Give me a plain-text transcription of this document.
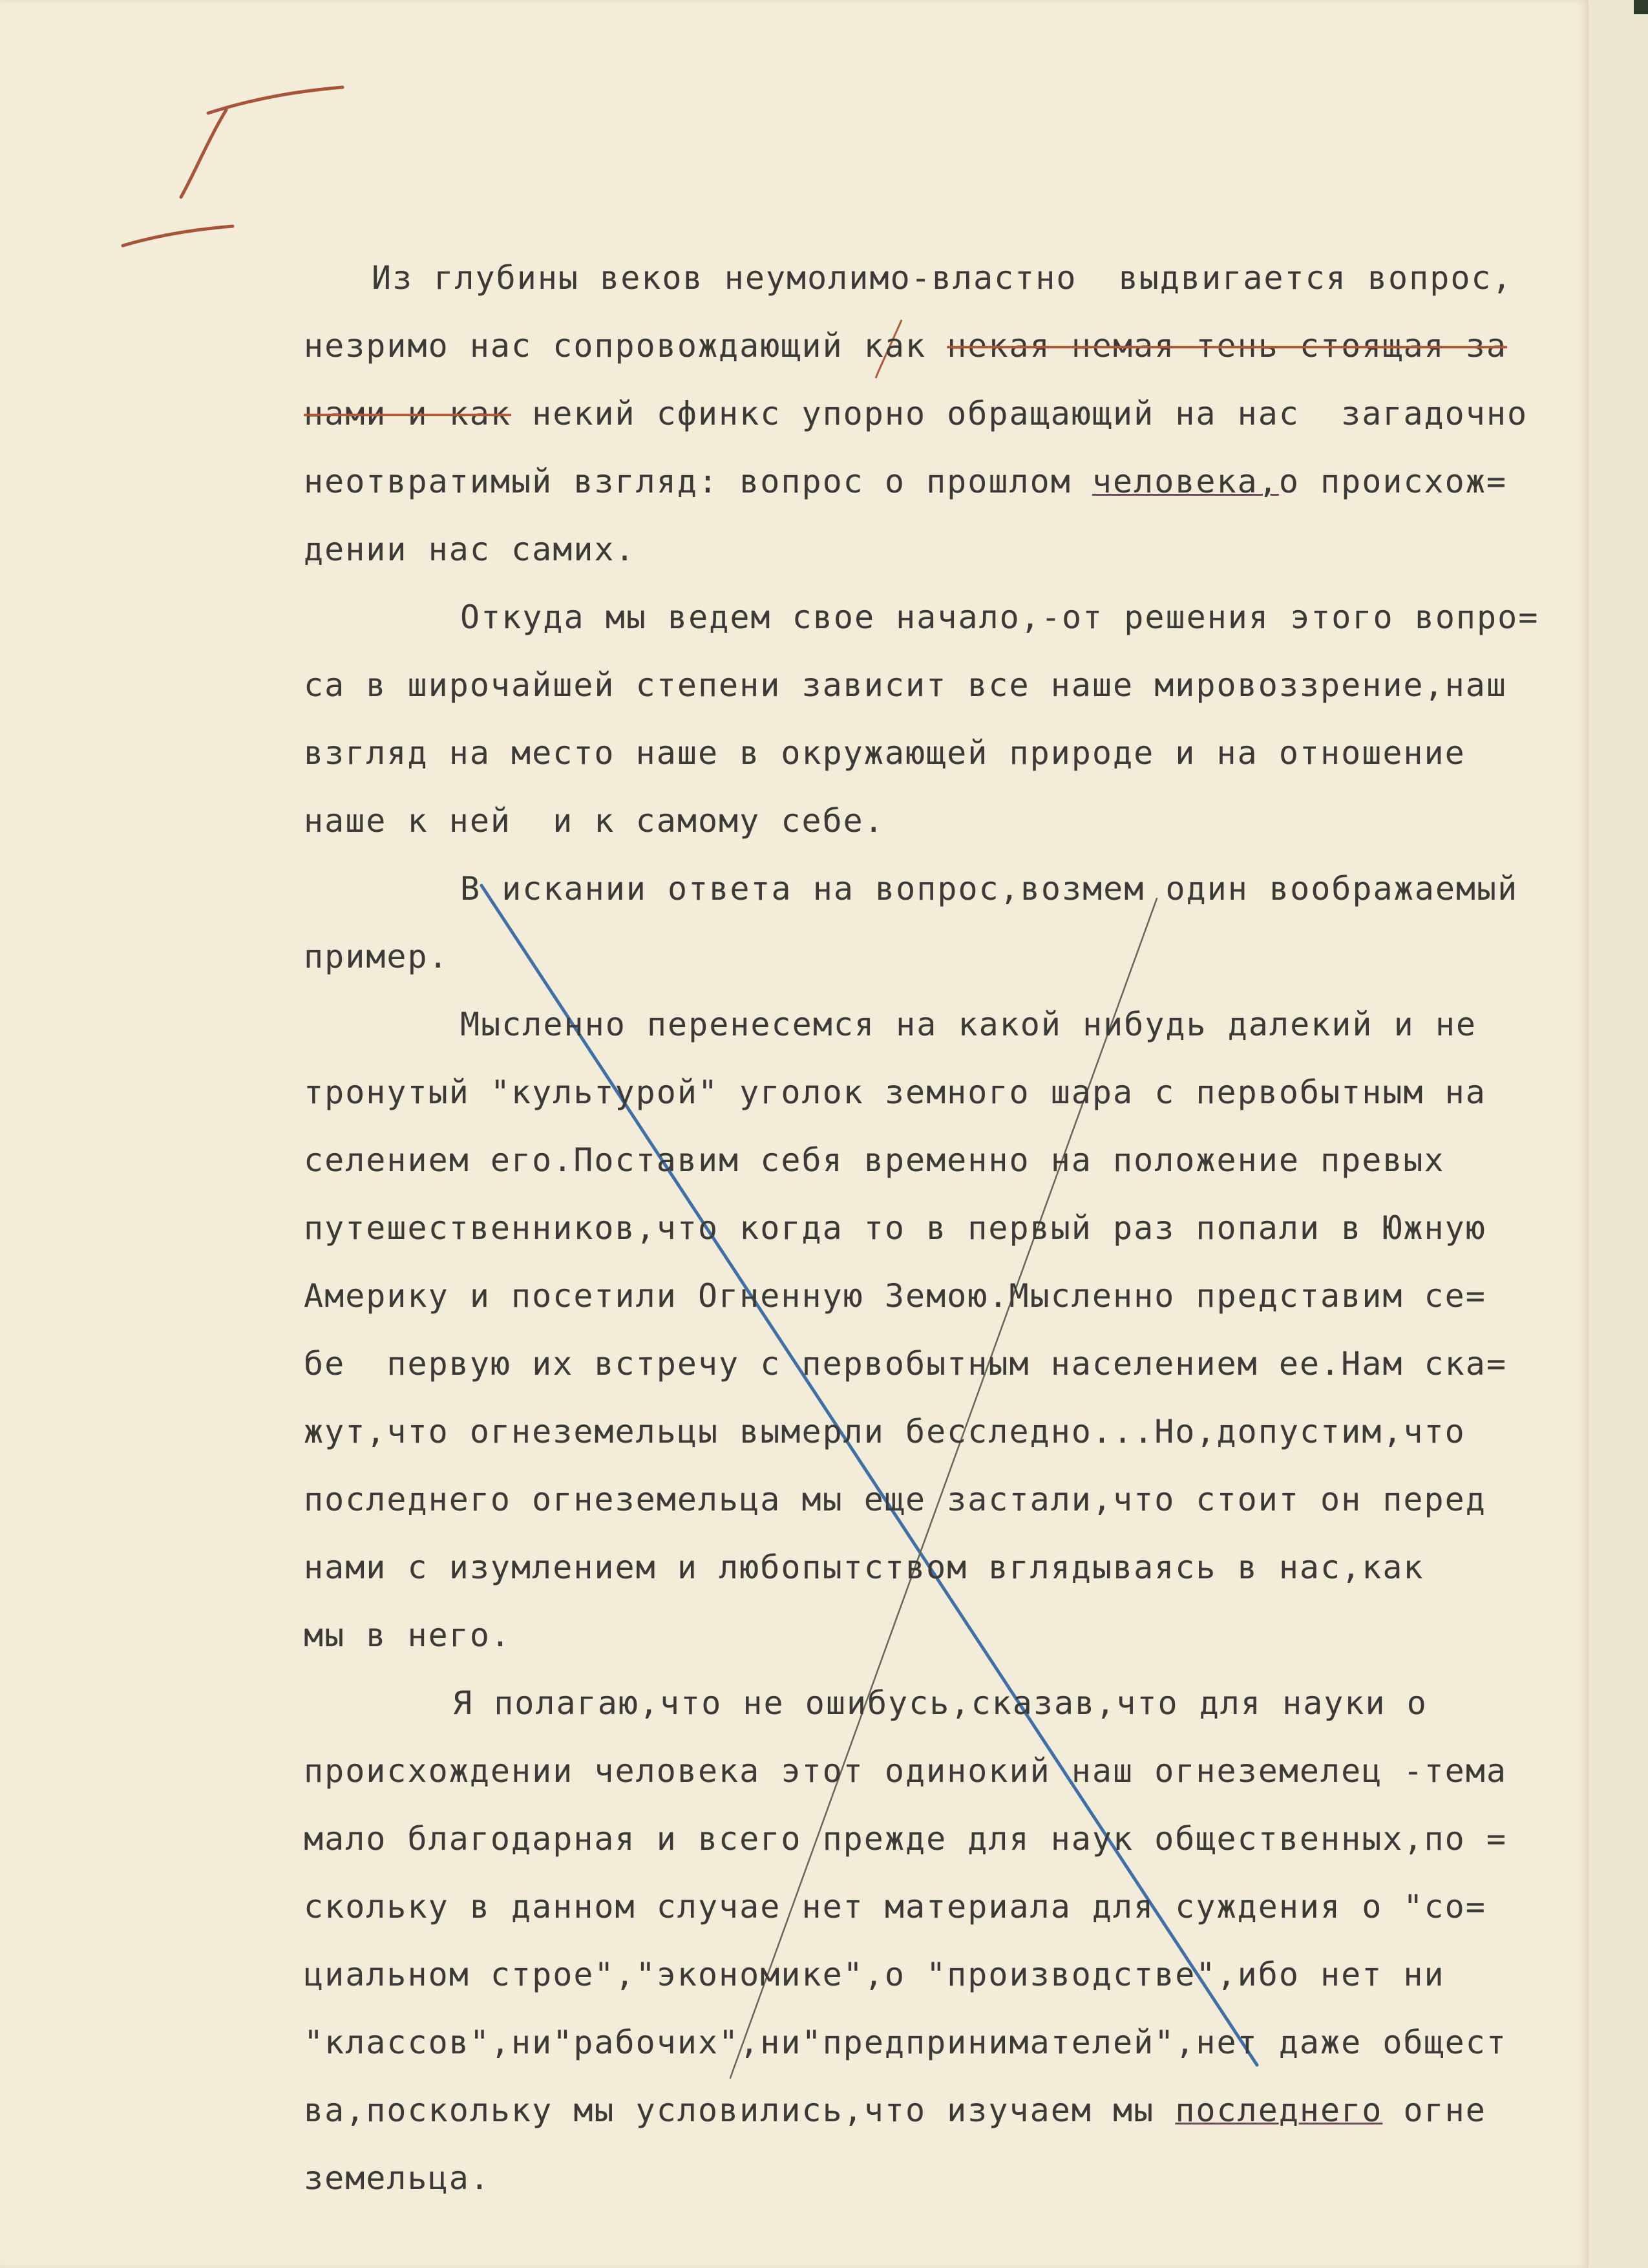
Из глубины веков неумолимо-властно  выдвигается вопрос,
незримо нас сопровождающий как некая немая тень стоящая за
нами и как некий сфинкс упорно обращающий на нас  загадочно
неотвратимый взгляд: вопрос о прошлом человека,о происхож=
дении нас самих.
Откуда мы ведем свое начало,-от решения этого вопро=
са в широчайшей степени зависит все наше мировоззрение,наш
взгляд на место наше в окружающей природе и на отношение
наше к ней  и к самому себе.
В искании ответа на вопрос,возмем один воображаемый
пример.
Мысленно перенесемся на какой нибудь далекий и не
тронутый "культурой" уголок земного шара с первобытным на
селением его.Поставим себя временно на положение превых
путешественников,что когда то в первый раз попали в Южную
Америку и посетили Огненную Земою.Мысленно представим се=
бе  первую их встречу с первобытным населением ее.Нам ска=
жут,что огнеземельцы вымерли бесследно...Но,допустим,что
последнего огнеземельца мы еще застали,что стоит он перед
нами с изумлением и любопытством вглядываясь в нас,как
мы в него.
Я полагаю,что не ошибусь,сказав,что для науки о
происхождении человека этот одинокий наш огнеземелец -тема
мало благодарная и всего прежде для наук общественных,по =
скольку в данном случае нет материала для суждения о "со=
циальном строе","экономике",о "производстве",ибо нет ни
"классов",ни"рабочих",ни"предпринимателей",нет даже общест
ва,поскольку мы условились,что изучаем мы последнего огне
земельца.
